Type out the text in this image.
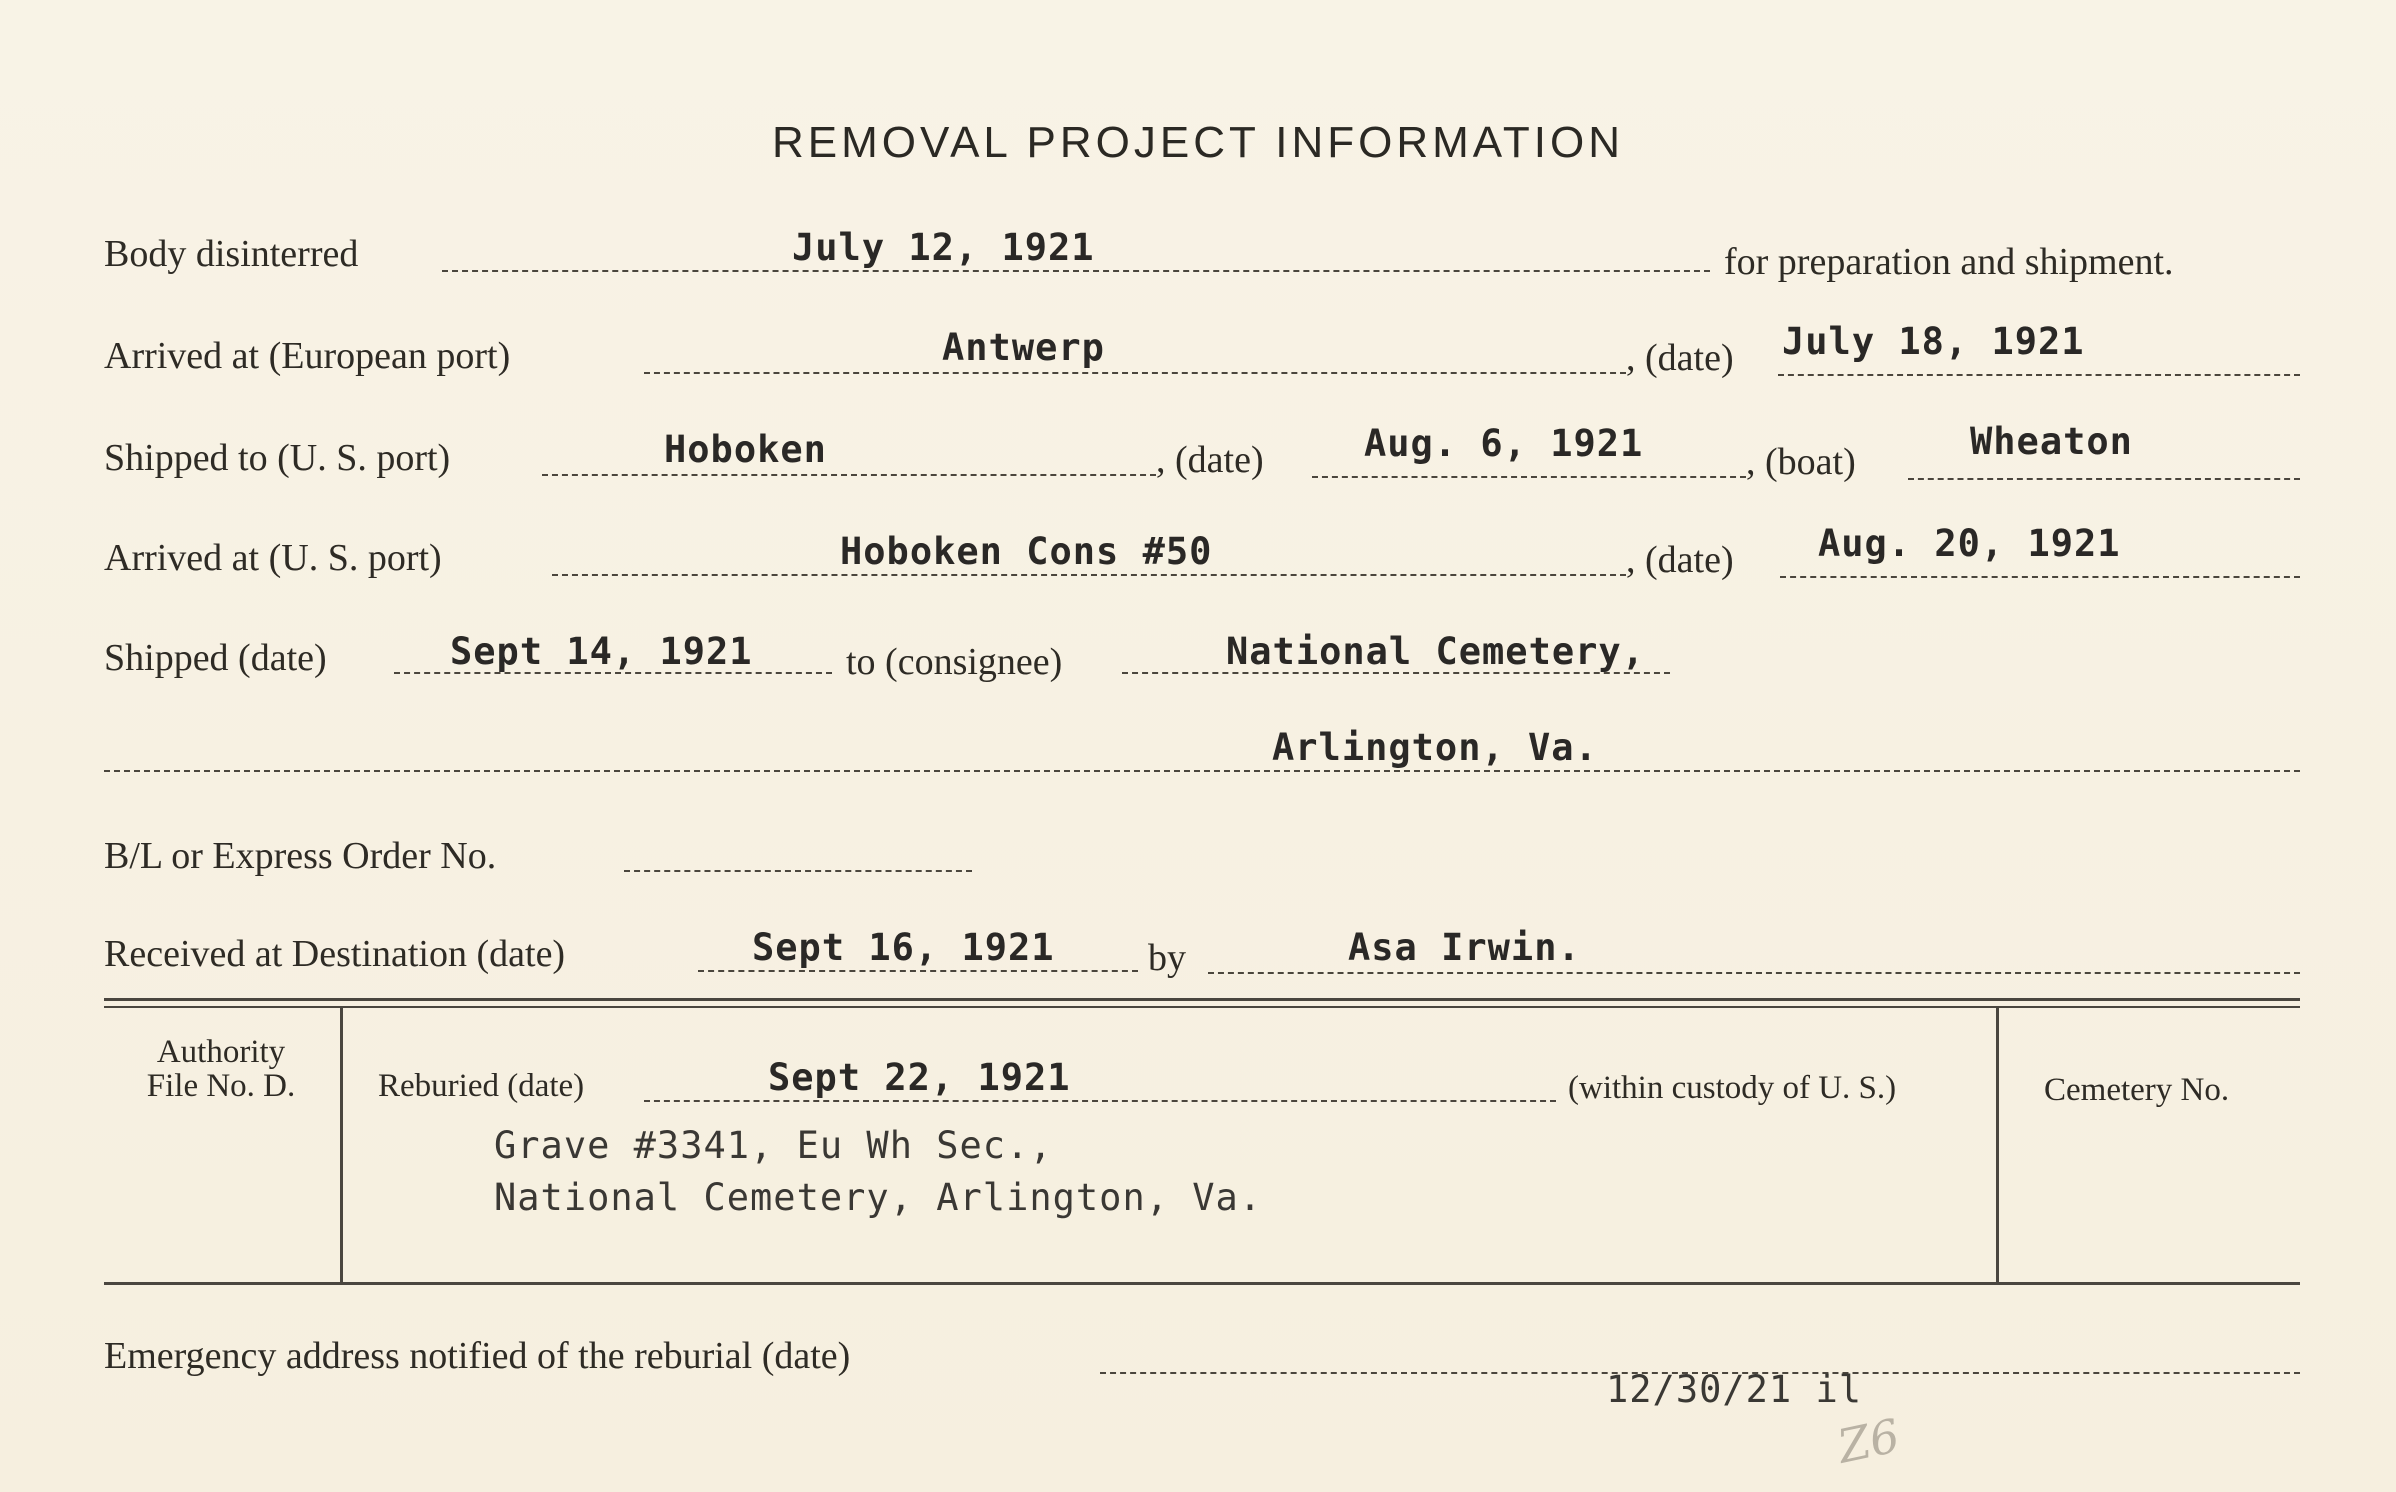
REMOVAL PROJECT INFORMATION
Body disinterred	July 12, 1921	for preparation and shipment.
Arrived at (European port)	Antwerp	, (date) July 18, 1921
Shipped to (U. S. port)	Hoboken	, (date)	Aug. 6, 1921	, (boat)	Wheaton
Arrived at (U. S. port)	Hoboken Cons #50	, (date) Aug. 20, 1921
Shipped (date)	Sept 14, 1921 to (consignee)	National Cemetery,
Arlington, Va.
B/L or Express Order No.
Received at Destination (date)	Sept 16, 1921 by	Asa Irwin.
Authority
File No. D.	Reburied (date)	Sept 22, 1921	(within custody of U. S.)
Grave #3341, Eu Wh Sec.,
National Cemetery, Arlington, Va.
Cemetery No.
Emergency address notified of the reburial (date)
12/30/21 il
Z6
